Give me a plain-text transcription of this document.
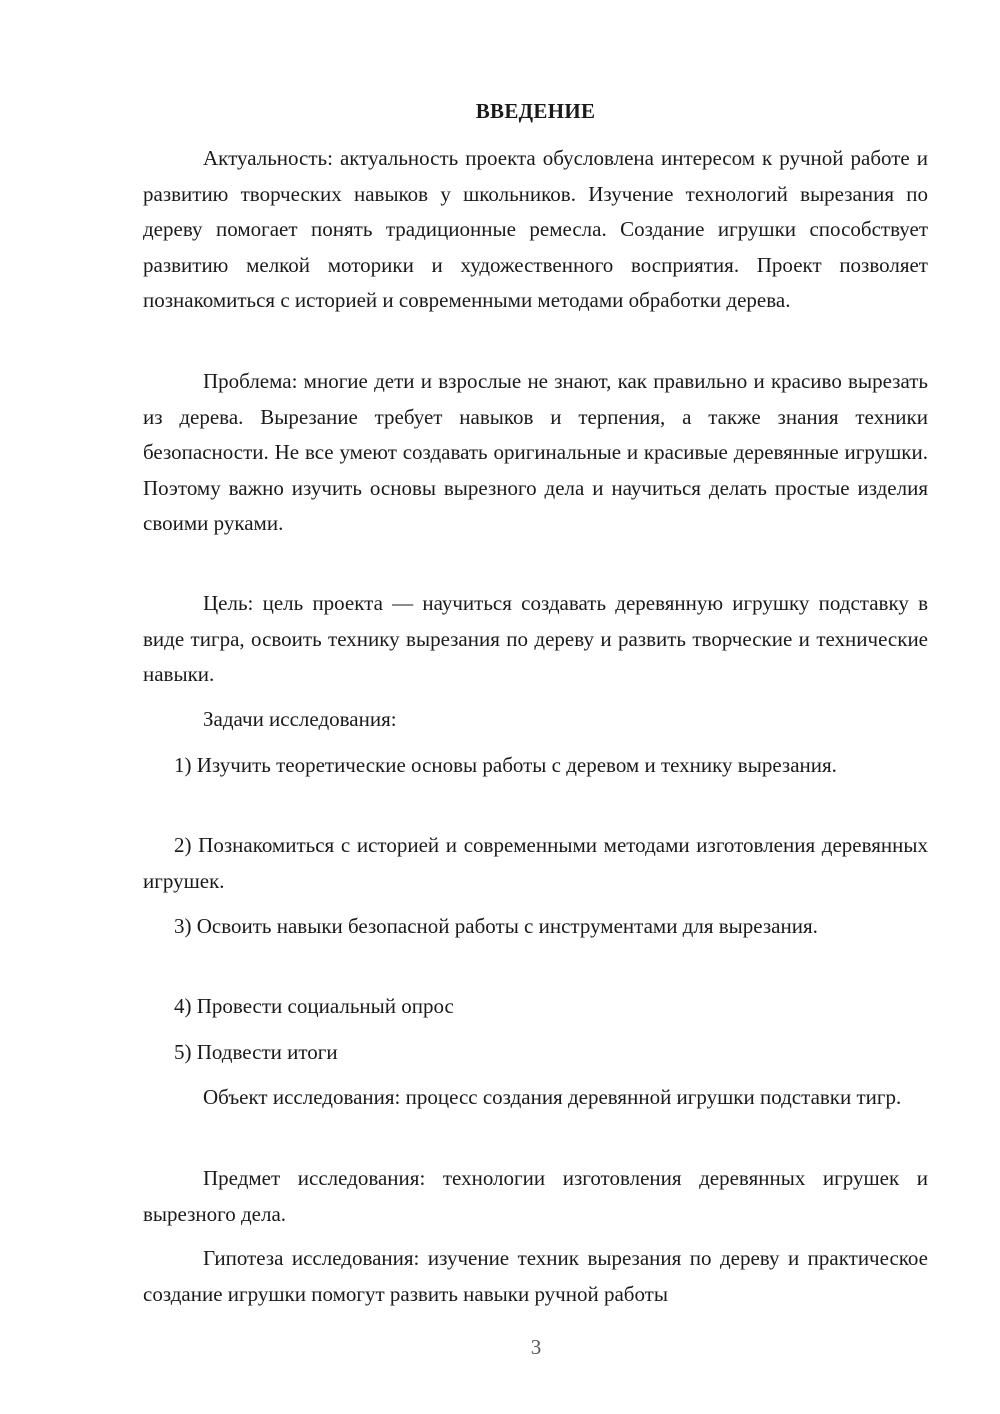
ВВЕДЕНИЕ

Актуальность: актуальность проекта обусловлена интересом к ручной работе и развитию творческих навыков у школьников. Изучение технологий вырезания по дереву помогает понять традиционные ремесла. Создание игрушки способствует развитию мелкой моторики и художественного восприятия. Проект позволяет познакомиться с историей и современными методами обработки дерева.

Проблема: многие дети и взрослые не знают, как правильно и красиво вырезать из дерева. Вырезание требует навыков и терпения, а также знания техники безопасности. Не все умеют создавать оригинальные и красивые деревянные игрушки. Поэтому важно изучить основы вырезного дела и научиться делать простые изделия своими руками.

Цель: цель проекта — научиться создавать деревянную игрушку подставку в виде тигра, освоить технику вырезания по дереву и развить творческие и технические навыки.

Задачи исследования:

1) Изучить теоретические основы работы с деревом и технику вырезания.

2) Познакомиться с историей и современными методами изготовления деревянных игрушек.

3) Освоить навыки безопасной работы с инструментами для вырезания.

4) Провести социальный опрос

5) Подвести итоги

Объект исследования: процесс создания деревянной игрушки подставки тигр.

Предмет исследования: технологии изготовления деревянных игрушек и вырезного дела.

Гипотеза исследования: изучение техник вырезания по дереву и практическое создание игрушки помогут развить навыки ручной работы

3
